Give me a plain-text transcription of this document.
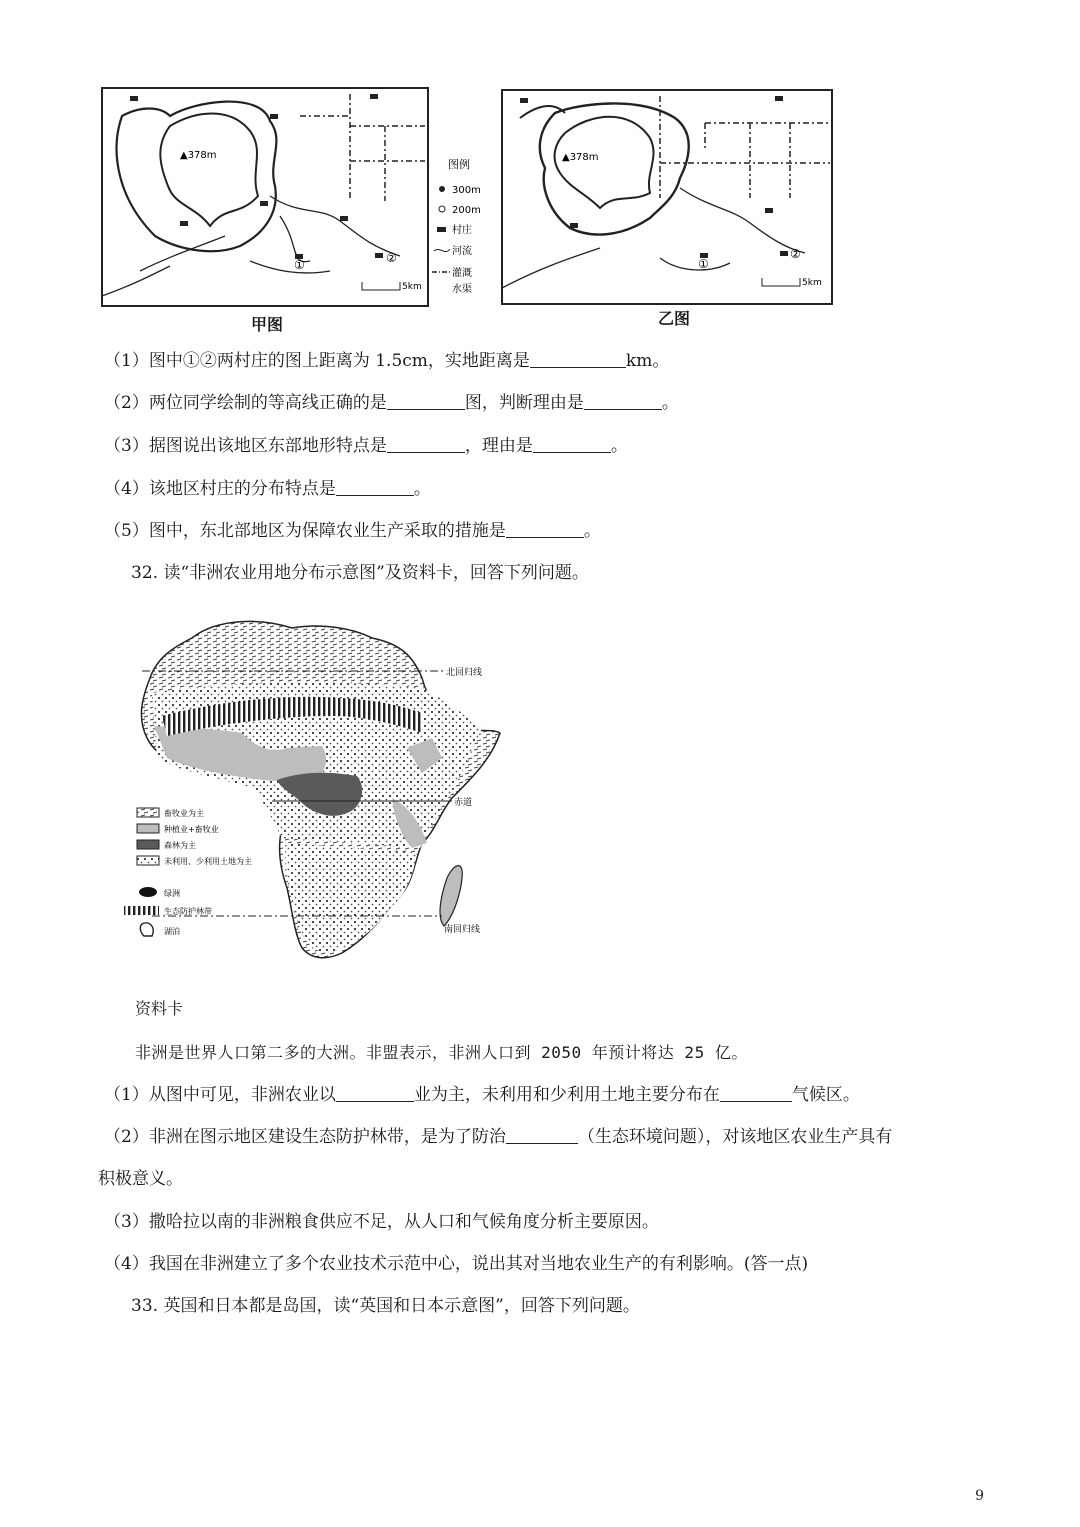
▲378m
①	②
图例
300m
200m
村庄
河流
灌溉
水渠
5km
甲图
▲378m
①
②
5km
乙图
（1）图中①②两村庄的图上距离为 1.5cm，实地距离是	km。
（2）两位同学绘制的等高线正确的是	图，判断理由是	。
（3）据图说出该地区东部地形特点是	，理由是	。
（4）该地区村庄的分布特点是	。
（5）图中，东北部地区为保障农业生产采取的措施是	。
32. 读“非洲农业用地分布示意图”及资料卡，回答下列问题。
北回归线
赤道
南回归线
畜牧业为主
种植业+畜牧业
森林为主
未利用、少利用土地为主
绿洲
生态防护林带
湖泊
资料卡
非洲是世界人口第二多的大洲。非盟表示，非洲人口到 2050 年预计将达 25 亿。
（1）从图中可见，非洲农业以	业为主，未利用和少利用土地主要分布在	气候区。
（2）非洲在图示地区建设生态防护林带，是为了防治	（生态环境问题），对该地区农业生产具有
积极意义。
（3）撒哈拉以南的非洲粮食供应不足，从人口和气候角度分析主要原因。
（4）我国在非洲建立了多个农业技术示范中心，说出其对当地农业生产的有利影响。(答一点)
33. 英国和日本都是岛国，读“英国和日本示意图”，回答下列问题。
9
